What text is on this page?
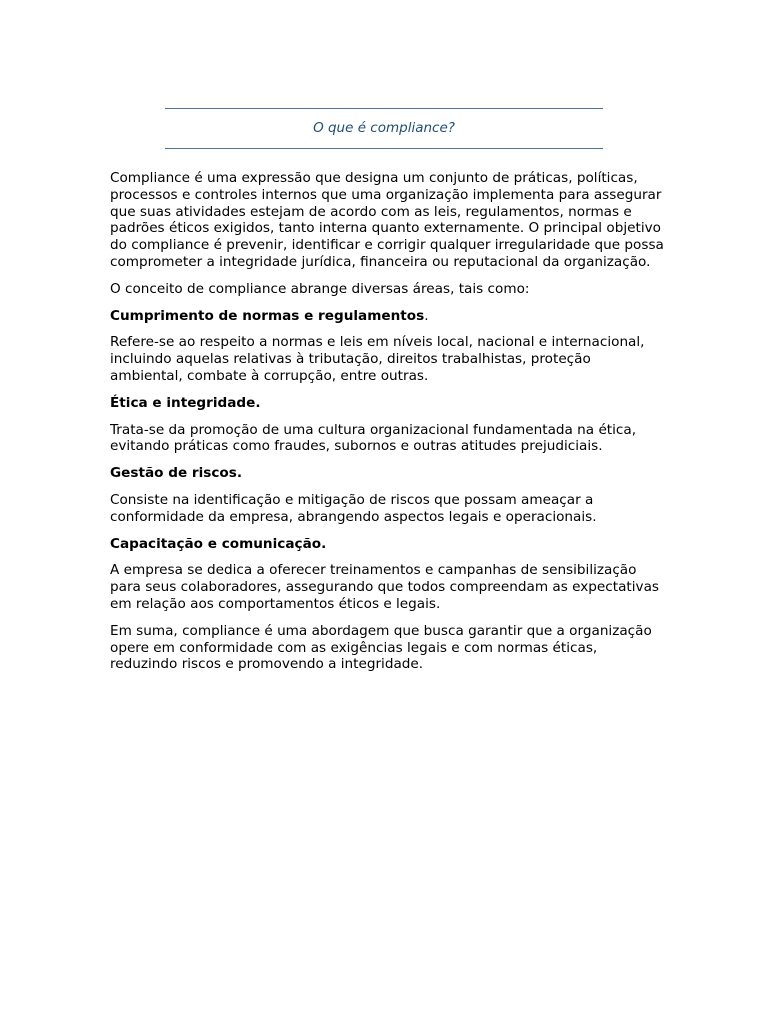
O que é compliance?

Compliance é uma expressão que designa um conjunto de práticas, políticas, processos e controles internos que uma organização implementa para assegurar que suas atividades estejam de acordo com as leis, regulamentos, normas e padrões éticos exigidos, tanto interna quanto externamente. O principal objetivo do compliance é prevenir, identificar e corrigir qualquer irregularidade que possa comprometer a integridade jurídica, financeira ou reputacional da organização.

O conceito de compliance abrange diversas áreas, tais como:

Cumprimento de normas e regulamentos.

Refere-se ao respeito a normas e leis em níveis local, nacional e internacional, incluindo aquelas relativas à tributação, direitos trabalhistas, proteção ambiental, combate à corrupção, entre outras.

Ética e integridade.

Trata-se da promoção de uma cultura organizacional fundamentada na ética, evitando práticas como fraudes, subornos e outras atitudes prejudiciais.

Gestão de riscos.

Consiste na identificação e mitigação de riscos que possam ameaçar a conformidade da empresa, abrangendo aspectos legais e operacionais.

Capacitação e comunicação.

A empresa se dedica a oferecer treinamentos e campanhas de sensibilização para seus colaboradores, assegurando que todos compreendam as expectativas em relação aos comportamentos éticos e legais.

Em suma, compliance é uma abordagem que busca garantir que a organização opere em conformidade com as exigências legais e com normas éticas, reduzindo riscos e promovendo a integridade.
